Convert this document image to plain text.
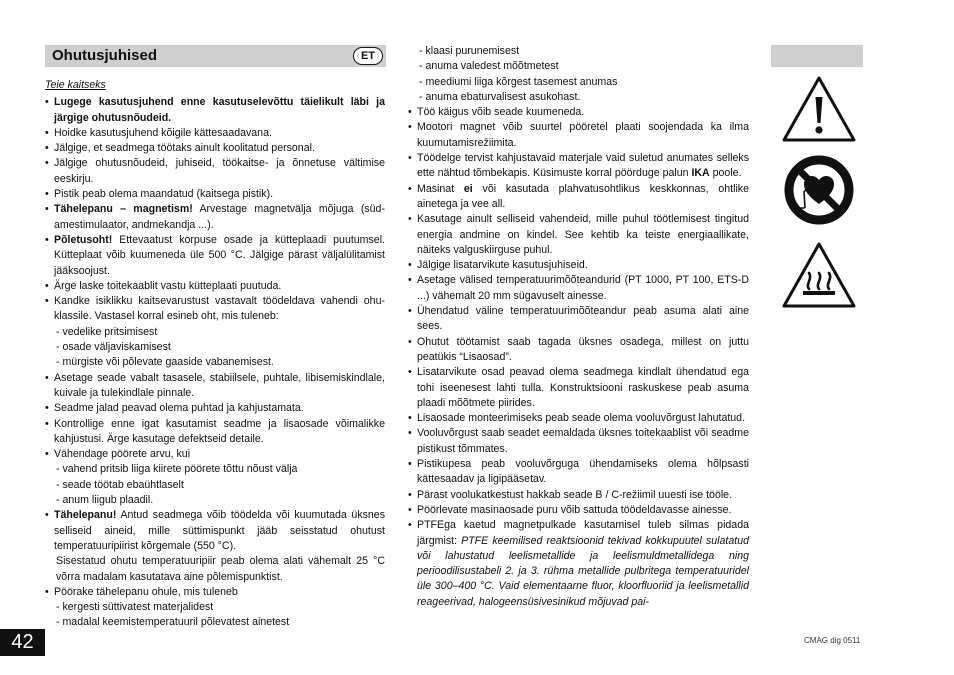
Ohutusjuhised	ET
Teie kaitseks
• Lugege kasutusjuhend enne kasutuselevõttu täielikult läbi ja järgige ohutusnõudeid.
• Hoidke kasutusjuhend kõigile kättesaadavana.
• Jälgige, et seadmega töötaks ainult koolitatud personal.
• Jälgige ohutusnõudeid, juhiseid, töökaitse- ja õnnetuse vältimise eeskirju.
• Pistik peab olema maandatud (kaitsega pistik).
• Tähelepanu – magnetism! Arvestage magnetvälja mõjuga (südamestimulaator, andmekandja ...).
• Põletusoht! Ettevaatust korpuse osade ja kütteplaadi puutumsel. Kütteplaat võib kuumeneda üle 500 °C. Jälgige pärast väljalülitamist jääksoojust.
• Ärge laske toitekaablit vastu kütteplaati puutuda.
• Kandke isiklikku kaitsevarustust vastavalt töödeldava vahendi ohuklassile. Vastasel korral esineb oht, mis tuleneb:
- vedelike pritsimisest
- osade väljaviskamisest
- mürgiste või põlevate gaaside vabanemisest.
• Asetage seade vabalt tasasele, stabiilsele, puhtale, libisemiskindlale, kuivale ja tulekindlale pinnale.
• Seadme jalad peavad olema puhtad ja kahjustamata.
• Kontrollige enne igat kasutamist seadme ja lisaosade võimalikke kahjustusi. Ärge kasutage defektseid detaile.
• Vähendage pöörete arvu, kui
- vahend pritsib liiga kiirete pöörete tõttu nõust välja
- seade töötab ebaühtlaselt
- anum liigub plaadil.
• Tähelepanu! Antud seadmega võib töödelda või kuumutada üksnes selliseid aineid, mille süttimispunkt jääb seisstatud ohutust temperatuuripiirist kõrgemale (550 °C).
Sisestatud ohutu temperatuuripiir peab olema alati vähemalt 25 °C võrra madalam kasutatava aine põlemispunktist.
• Pöörake tähelepanu ohule, mis tuleneb
- kergesti süttivatest materjalidest
- madalal keemistemperatuuril põlevatest ainetest
- klaasi purunemisest
- anuma valedest mõõtmetest
- meediumi liiga kõrgest tasemest anumas
- anuma ebaturvalisest asukohast.
• Töö käigus võib seade kuumeneda.
• Mootori magnet võib suurtel pööretel plaati soojendada ka ilma kuumutamisrežiimita.
• Töödelge tervist kahjustavaid materjale vaid suletud anumates selleks ette nähtud tõmbekapis. Küsimuste korral pöörduge palun IKA poole.
• Masinat ei või kasutada plahvatusohtlikus keskkonnas, ohtlike ainetega ja vee all.
• Kasutage ainult selliseid vahendeid, mille puhul töötlemisest tingitud energia andmine on kindel. See kehtib ka teiste energiaallikate, näiteks valguskiirguse puhul.
• Jälgige lisatarvikute kasutusjuhiseid.
• Asetage välised temperatuurimõõteandurid (PT 1000, PT 100, ETS-D ...) vähemalt 20 mm sügavuselt ainesse.
• Ühendatud väline temperatuurimõõteandur peab asuma alati aine sees.
• Ohutut töötamist saab tagada üksnes osadega, millest on juttu peatükis “Lisaosad”.
• Lisatarvikute osad peavad olema seadmega kindlalt ühendatud ega tohi iseenesest lahti tulla. Konstruktsiooni raskuskese peab asuma plaadi mõõtmete piirides.
• Lisaosade monteerimiseks peab seade olema vooluvõrgust lahutatud.
• Vooluvõrgust saab seadet eemaldada üksnes toitekaablist või seadme pistikust tõmmates.
• Pistikupesa peab vooluvõrguga ühendamiseks olema hõlpsasti kättesaadav ja ligipääsetav.
• Pärast voolukatkestust hakkab seade B / C-režiimil uuesti ise tööle.
• Pöörlevate masinaosade puru võib sattuda töödeldavasse ainesse.
• PTFEga kaetud magnetpulkade kasutamisel tuleb silmas pidada järgmist: PTFE keemilised reaktsioonid tekivad kokkupuutel sulatatud või lahustatud leelismetallide ja leelismuldmetallidega ning perioodilisustabeli 2. ja 3. rühma metallide pulbritega temperatuuridel üle 300–400 °C. Vaid elementaarne fluor, kloorfluoriid ja leelismetallid reageerivad, halogeensüsivesinikud mõjuvad pai-
42	CMAG dig 0511
